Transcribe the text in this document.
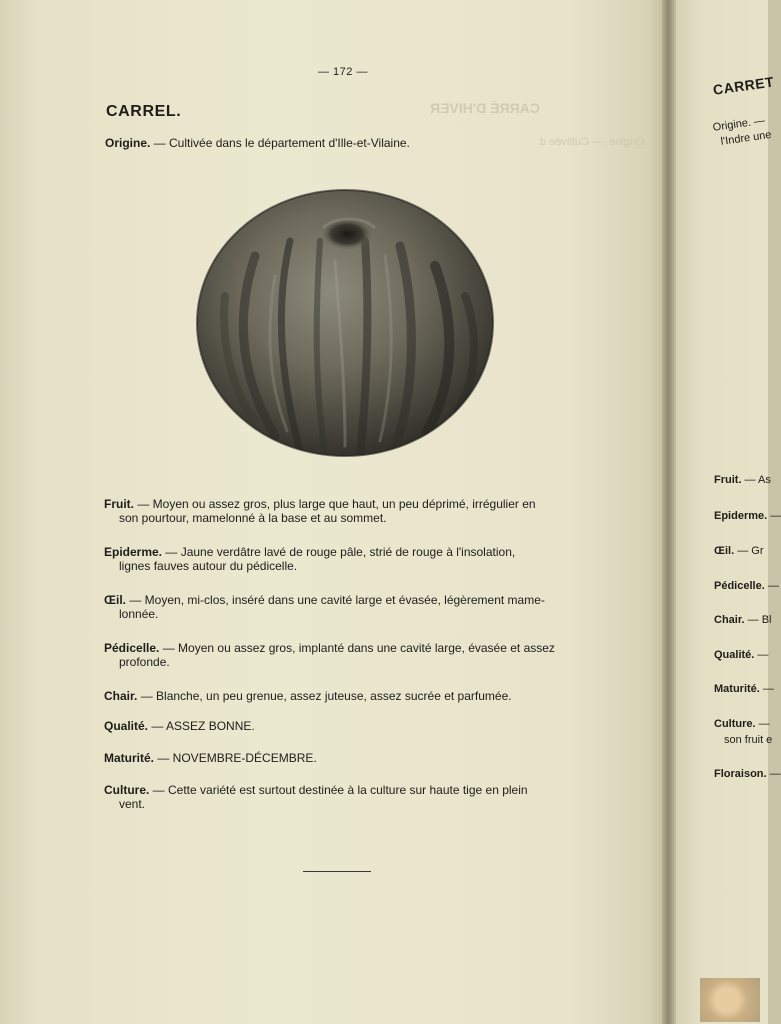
CARRÉ D'HIVER
Origine. — Cultivée d
— 172 —
CARREL.
Origine. — Cultivée dans le département d'Ille-et-Vilaine.
Fruit. — Moyen ou assez gros, plus large que haut, un peu déprimé, irrégulier en
son pourtour, mamelonné à la base et au sommet.
Epiderme. — Jaune verdâtre lavé de rouge pâle, strié de rouge à l'insolation,
lignes fauves autour du pédicelle.
Œil. — Moyen, mi-clos, inséré dans une cavité large et évasée, légèrement mame-
lonnée.
Pédicelle. — Moyen ou assez gros, implanté dans une cavité large, évasée et assez
profonde.
Chair. — Blanche, un peu grenue, assez juteuse, assez sucrée et parfumée.
Qualité. — ASSEZ BONNE.
Maturité. — NOVEMBRE-DÉCEMBRE.
Culture. — Cette variété est surtout destinée à la culture sur haute tige en plein
vent.
CARRET
Origine. —
l'Indre une
Fruit. — As
Epiderme. —
Œil. — Gr
Pédicelle. —
Chair. — Bl
Qualité. —
Maturité. —
Culture. —
son fruit e
Floraison. —
